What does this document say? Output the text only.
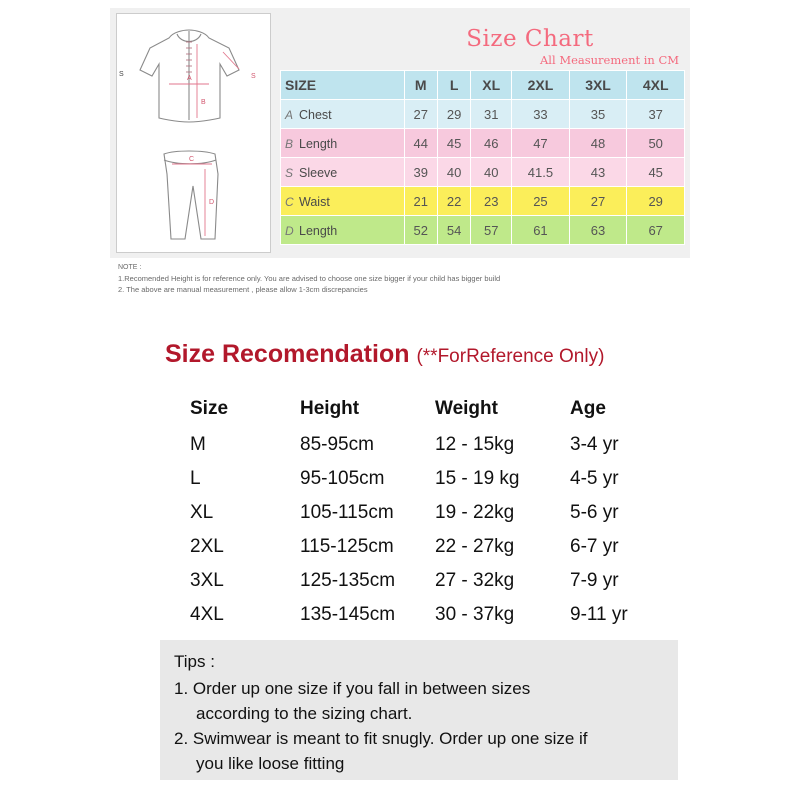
S
A
B
C
D
S
Size Chart
All Measurement in CM
SIZE	M	L	XL	2XL	3XL	4XL
A Chest	27	29	31	33	35	37
B Length	44	45	46	47	48	50
S Sleeve	39	40	40	41.5	43	45
C Waist	21	22	23	25	27	29
D Length	52	54	57	61	63	67
NOTE :
1.Recomended Height is for reference only. You are advised to choose one size bigger if your child has bigger build
2. The above are manual measurement , please allow 1-3cm discrepancies
Size Recomendation (**ForReference Only)
Size	Height	Weight	Age
M	85-95cm	12 - 15kg	3-4 yr
L	95-105cm	15 - 19 kg	4-5 yr
XL	105-115cm	19 - 22kg	5-6 yr
2XL	115-125cm	22 - 27kg	6-7 yr
3XL	125-135cm	27 - 32kg	7-9 yr
4XL	135-145cm	30 - 37kg	9-11 yr
Tips :
1. Order up one size if you fall in between sizes
according to the sizing chart.
2. Swimwear is meant to fit snugly. Order up one size if
you like loose fitting
